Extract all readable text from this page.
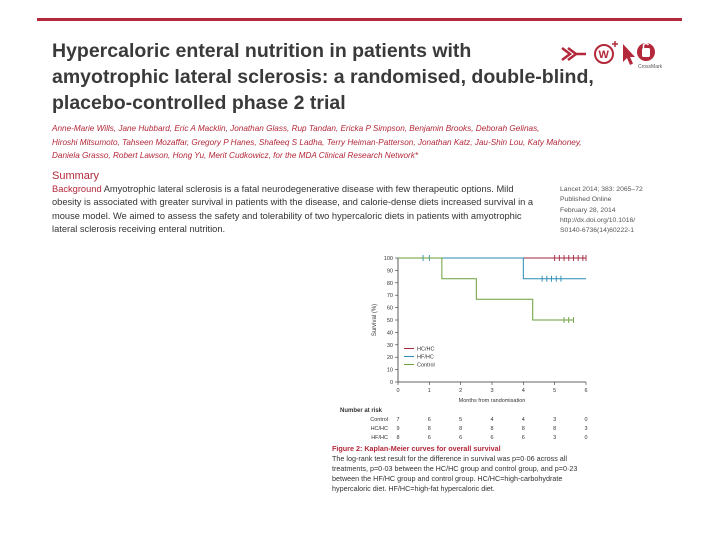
Hypercaloric enteral nutrition in patients with
amyotrophic lateral sclerosis: a randomised, double-blind,
placebo-controlled phase 2 trial
W
CrossMark
Anne-Marie Wills, Jane Hubbard, Eric A Macklin, Jonathan Glass, Rup Tandan, Ericka P Simpson, Benjamin Brooks, Deborah Gelinas,
Hiroshi Mitsumoto, Tahseen Mozaffar, Gregory P Hanes, Shafeeq S Ladha, Terry Heiman-Patterson, Jonathan Katz, Jau-Shin Lou, Katy Mahoney,
Daniela Grasso, Robert Lawson, Hong Yu, Merit Cudkowicz, for the MDA Clinical Research Network*
Summary
Background Amyotrophic lateral sclerosis is a fatal neurodegenerative disease with few therapeutic options. Mild
obesity is associated with greater survival in patients with the disease, and calorie-dense diets increased survival in a
mouse model. We aimed to assess the safety and tolerability of two hypercaloric diets in patients with amyotrophic
lateral sclerosis receiving enteral nutrition.
Lancet 2014; 383: 2065–72
Published Online
February 28, 2014
http://dx.doi.org/10.1016/
S0140-6736(14)60222-1
0
10
20
30
40
50
60
70
80
90
100
0	1	2	3	4	5	6
Months from randomisation
Survival (%)
HC/HC
HF/HC
Control
Number at risk
Control 7	6	5	4	4	3	0
HC/HC 9	8	8	8	8	8	3
HF/HC 8	6	6	6	6	3	0
Figure 2: Kaplan-Meier curves for overall survival
The log-rank test result for the difference in survival was p=0·06 across all
treatments, p=0·03 between the HC/HC group and control group, and p=0·23
between the HF/HC group and control group. HC/HC=high-carbohydrate
hypercaloric diet. HF/HC=high-fat hypercaloric diet.
